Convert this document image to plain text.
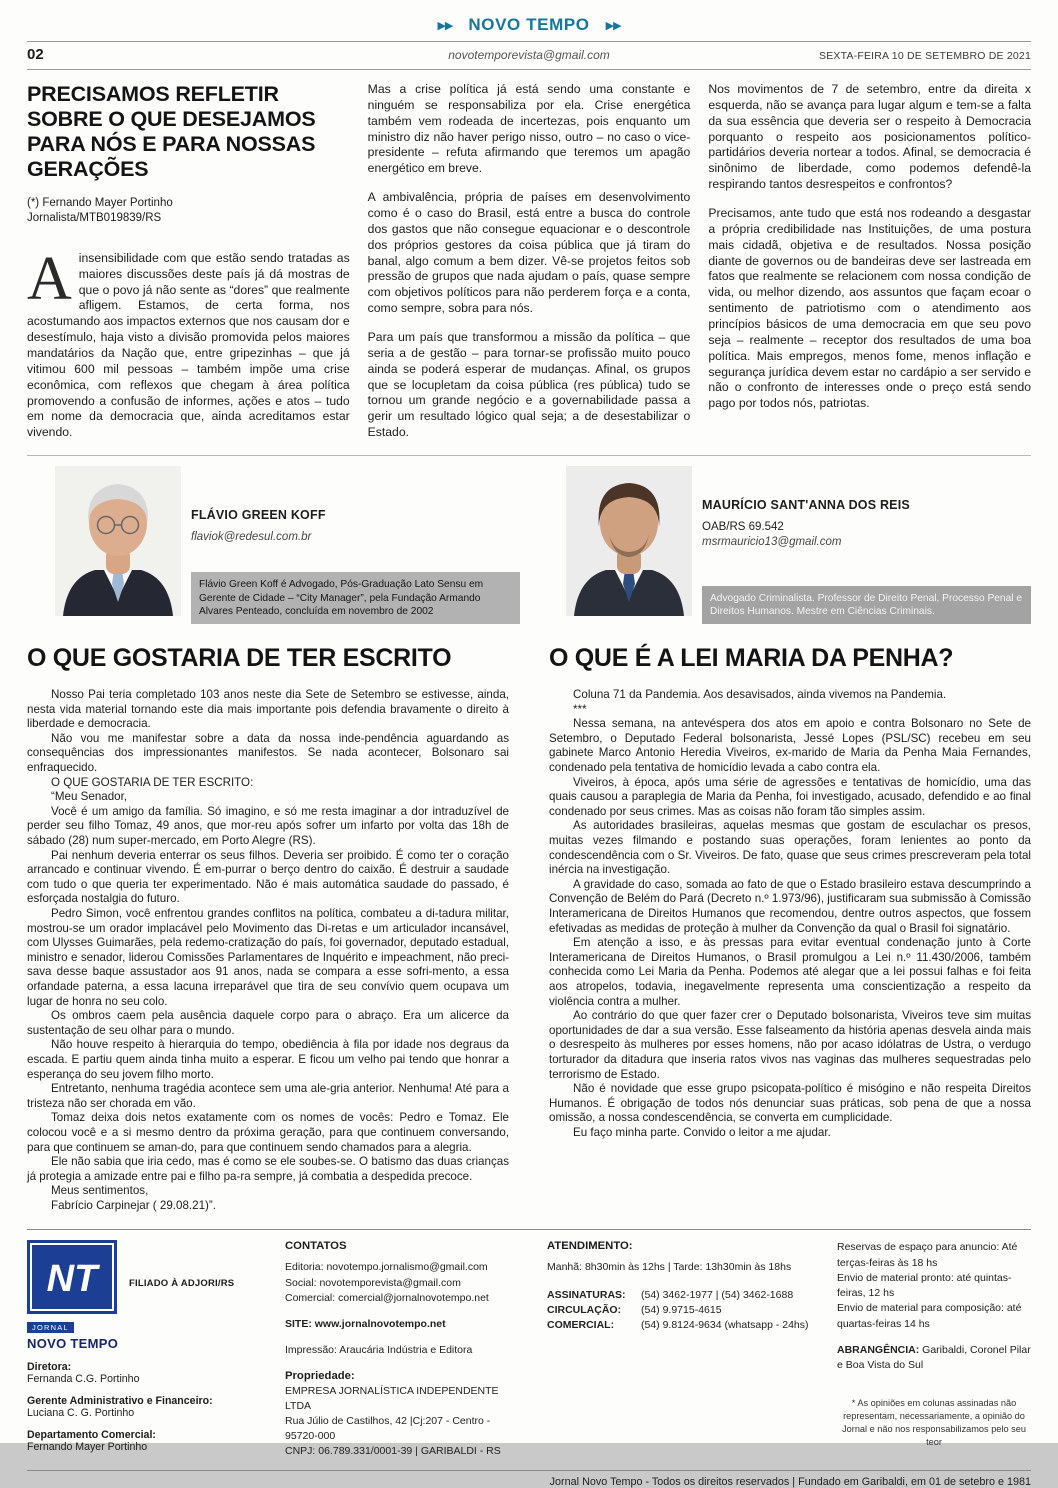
▶▶ NOVO TEMPO ▶▶
02	novotemporevista@gmail.com	SEXTA-FEIRA 10 DE SETEMBRO DE 2021
PRECISAMOS REFLETIR SOBRE O QUE DESEJAMOS PARA NÓS E PARA NOSSAS GERAÇÕES
(*) Fernando Mayer Portinho
Jornalista/MTB019839/RS

Ainsensibilidade com que estão sendo tratadas as maiores discussões deste país já dá mostras de que o povo já não sente as “dores” que realmente afligem. Estamos, de certa forma, nos acostumando aos impactos externos que nos causam dor e desestímulo, haja visto a divisão promovida pelos maiores mandatários da Nação que, entre gripezinhas – que já vitimou 600 mil pessoas – também impõe uma crise econômica, com reflexos que chegam à área política promovendo a confusão de informes, ações e atos – tudo em nome da democracia que, ainda acreditamos estar vivendo.

Mas a crise política já está sendo uma constante e ninguém se responsabiliza por ela. Crise energética também vem rodeada de incertezas, pois enquanto um ministro diz não haver perigo nisso, outro – no caso o vice-presidente – refuta afirmando que teremos um apagão energético em breve.

A ambivalência, própria de países em desenvolvimento como é o caso do Brasil, está entre a busca do controle dos gastos que não consegue equacionar e o descontrole dos próprios gestores da coisa pública que já tiram do banal, algo comum a bem dizer. Vê-se projetos feitos sob pressão de grupos que nada ajudam o país, quase sempre com objetivos políticos para não perderem força e a conta, como sempre, sobra para nós.

Para um país que transformou a missão da política – que seria a de gestão – para tornar-se profissão muito pouco ainda se poderá esperar de mudanças. Afinal, os grupos que se locupletam da coisa pública (res pública) tudo se tornou um grande negócio e a governabilidade passa a gerir um resultado lógico qual seja; a de desestabilizar o Estado.

Nos movimentos de 7 de setembro, entre da direita x esquerda, não se avança para lugar algum e tem-se a falta da sua essência que deveria ser o respeito à Democracia porquanto o respeito aos posicionamentos político-partidários deveria nortear a todos. Afinal, se democracia é sinônimo de liberdade, como podemos defendê-la respirando tantos desrespeitos e confrontos?

Precisamos, ante tudo que está nos rodeando a desgastar a própria credibilidade nas Instituições, de uma postura mais cidadã, objetiva e de resultados. Nossa posição diante de governos ou de bandeiras deve ser lastreada em fatos que realmente se relacionem com nossa condição de vida, ou melhor dizendo, aos assuntos que façam ecoar o sentimento de patriotismo com o atendimento aos princípios básicos de uma democracia em que seu povo seja – realmente – receptor dos resultados de uma boa política. Mais empregos, menos fome, menos inflação e segurança jurídica devem estar no cardápio a ser servido e não o confronto de interesses onde o preço está sendo pago por todos nós, patriotas.

FLÁVIO GREEN KOFF
flaviok@redesul.com.br
Flávio Green Koff é Advogado, Pós-Graduação Lato Sensu em Gerente de Cidade – “City Manager”, pela Fundação Armando Alvares Penteado, concluída em novembro de 2002
MAURÍCIO SANT'ANNA DOS REIS
OAB/RS 69.542
msrmauricio13@gmail.com
Advogado Criminalista. Professor de Direito Penal, Processo Penal e Direitos Humanos. Mestre em Ciências Criminais.
O QUE GOSTARIA DE TER ESCRITO

Nosso Pai teria completado 103 anos neste dia Sete de Setembro se estivesse, ainda, nesta vida material tornando este dia mais importante pois defendia bravamente o direito à liberdade e democracia.

Não vou me manifestar sobre a data da nossa inde-pendência aguardando as consequências dos impressionantes manifestos. Se nada acontecer, Bolsonaro sai enfraquecido.

O QUE GOSTARIA DE TER ESCRITO:

“Meu Senador,

Você é um amigo da família. Só imagino, e só me resta imaginar a dor intraduzível de perder seu filho Tomaz, 49 anos, que mor-reu após sofrer um infarto por volta das 18h de sábado (28) num super-mercado, em Porto Alegre (RS).

Pai nenhum deveria enterrar os seus filhos. Deveria ser proibido. É como ter o coração arrancado e continuar vivendo. É em-purrar o berço dentro do caixão. É destruir a saudade com tudo o que queria ter experimentado. Não é mais automática saudade do passado, é esforçada nostalgia do futuro.

Pedro Simon, você enfrentou grandes conflitos na política, combateu a di-tadura militar, mostrou-se um orador implacável pelo Movimento das Di-retas e um articulador incansável, com Ulysses Guimarães, pela redemo-cratização do país, foi governador, deputado estadual, ministro e senador, liderou Comissões Parlamentares de Inquérito e impeachment, não preci-sava desse baque assustador aos 91 anos, nada se compara a esse sofri-mento, a essa orfandade paterna, a essa lacuna irreparável que tira de seu convívio quem ocupava um lugar de honra no seu colo.

Os ombros caem pela ausência daquele corpo para o abraço. Era um alicerce da sustentação de seu olhar para o mundo.

Não houve respeito à hierarquia do tempo, obediência à fila por idade nos degraus da escada. E partiu quem ainda tinha muito a esperar. E ficou um velho pai tendo que honrar a esperança do seu jovem filho morto.

Entretanto, nenhuma tragédia acontece sem uma ale-gria anterior. Nenhuma! Até para a tristeza não ser chorada em vão.

Tomaz deixa dois netos exatamente com os nomes de vocês: Pedro e Tomaz. Ele colocou você e a si mesmo dentro da próxima geração, para que continuem conversando, para que continuem se aman-do, para que continuem sendo chamados para a alegria.

Ele não sabia que iria cedo, mas é como se ele soubes-se. O batismo das duas crianças já protegia a amizade entre pai e filho pa-ra sempre, já combatia a despedida precoce.

Meus sentimentos,

Fabrício Carpinejar ( 29.08.21)”.

O QUE É A LEI MARIA DA PENHA?

Coluna 71 da Pandemia. Aos desavisados, ainda vivemos na Pandemia.

***

Nessa semana, na antevéspera dos atos em apoio e contra Bolsonaro no Sete de Setembro, o Deputado Federal bolsonarista, Jessé Lopes (PSL/SC) recebeu em seu gabinete Marco Antonio Heredia Viveiros, ex-marido de Maria da Penha Maia Fernandes, condenado pela tentativa de homicídio levada a cabo contra ela.

Viveiros, à época, após uma série de agressões e tentativas de homicídio, uma das quais causou a paraplegia de Maria da Penha, foi investigado, acusado, defendido e ao final condenado por seus crimes. Mas as coisas não foram tão simples assim.

As autoridades brasileiras, aquelas mesmas que gostam de esculachar os presos, muitas vezes filmando e postando suas operações, foram lenientes ao ponto da condescendência com o Sr. Viveiros. De fato, quase que seus crimes prescreveram pela total inércia na investigação.

A gravidade do caso, somada ao fato de que o Estado brasileiro estava descumprindo a Convenção de Belém do Pará (Decreto n.º 1.973/96), justificaram sua submissão à Comissão Interamericana de Direitos Humanos que recomendou, dentre outros aspectos, que fossem efetivadas as medidas de proteção à mulher da Convenção da qual o Brasil foi signatário.

Em atenção a isso, e às pressas para evitar eventual condenação junto à Corte Interamericana de Direitos Humanos, o Brasil promulgou a Lei n.º 11.430/2006, também conhecida como Lei Maria da Penha. Podemos até alegar que a lei possui falhas e foi feita aos atropelos, todavia, inegavelmente representa uma conscientização a respeito da violência contra a mulher.

Ao contrário do que quer fazer crer o Deputado bolsonarista, Viveiros teve sim muitas oportunidades de dar a sua versão. Esse falseamento da história apenas desvela ainda mais o desrespeito às mulheres por esses homens, não por acaso idólatras de Ustra, o verdugo torturador da ditadura que inseria ratos vivos nas vaginas das mulheres sequestradas pelo terrorismo de Estado.

Não é novidade que esse grupo psicopata-político é misógino e não respeita Direitos Humanos. É obrigação de todos nós denunciar suas práticas, sob pena de que a nossa omissão, a nossa condescendência, se converta em cumplicidade.

Eu faço minha parte. Convido o leitor a me ajudar.

NT	FILIADO À ADJORI/RS
JORNAL
NOVO TEMPO
Diretora:
Fernanda C.G. Portinho
Gerente Administrativo e Financeiro:
Luciana C. G. Portinho
Departamento Comercial:
Fernando Mayer Portinho
CONTATOS
Editoria: novotempo.jornalismo@gmail.com
Social: novotemporevista@gmail.com
Comercial: comercial@jornalnovotempo.net
SITE: www.jornalnovotempo.net
Impressão: Araucária Indústria e Editora
Propriedade:
EMPRESA JORNALÍSTICA INDEPENDENTE LTDA
Rua Júlio de Castilhos, 42 |Cj:207 - Centro - 95720-000
CNPJ: 06.789.331/0001-39 | GARIBALDI - RS
ATENDIMENTO:
Manhã: 8h30min às 12hs | Tarde: 13h30min às 18hs
ASSINATURAS:	(54) 3462-1977 | (54) 3462-1688
CIRCULAÇÃO:	(54) 9.9715-4615
COMERCIAL:	(54) 9.8124-9634 (whatsapp - 24hs)
Reservas de espaço para anuncio: Até terças-feiras às 18 hs
Envio de material pronto: até quintas-feiras, 12 hs
Envio de material para composição: até quartas-feiras 14 hs
ABRANGÊNCIA: Garibaldi, Coronel Pilar e Boa Vista do Sul
* As opiniões em colunas assinadas não representam, necessariamente, a opinião do Jornal e não nos responsabilizamos pelo seu teor
Jornal Novo Tempo - Todos os direitos reservados | Fundado em Garibaldi, em 01 de setebro e 1981
